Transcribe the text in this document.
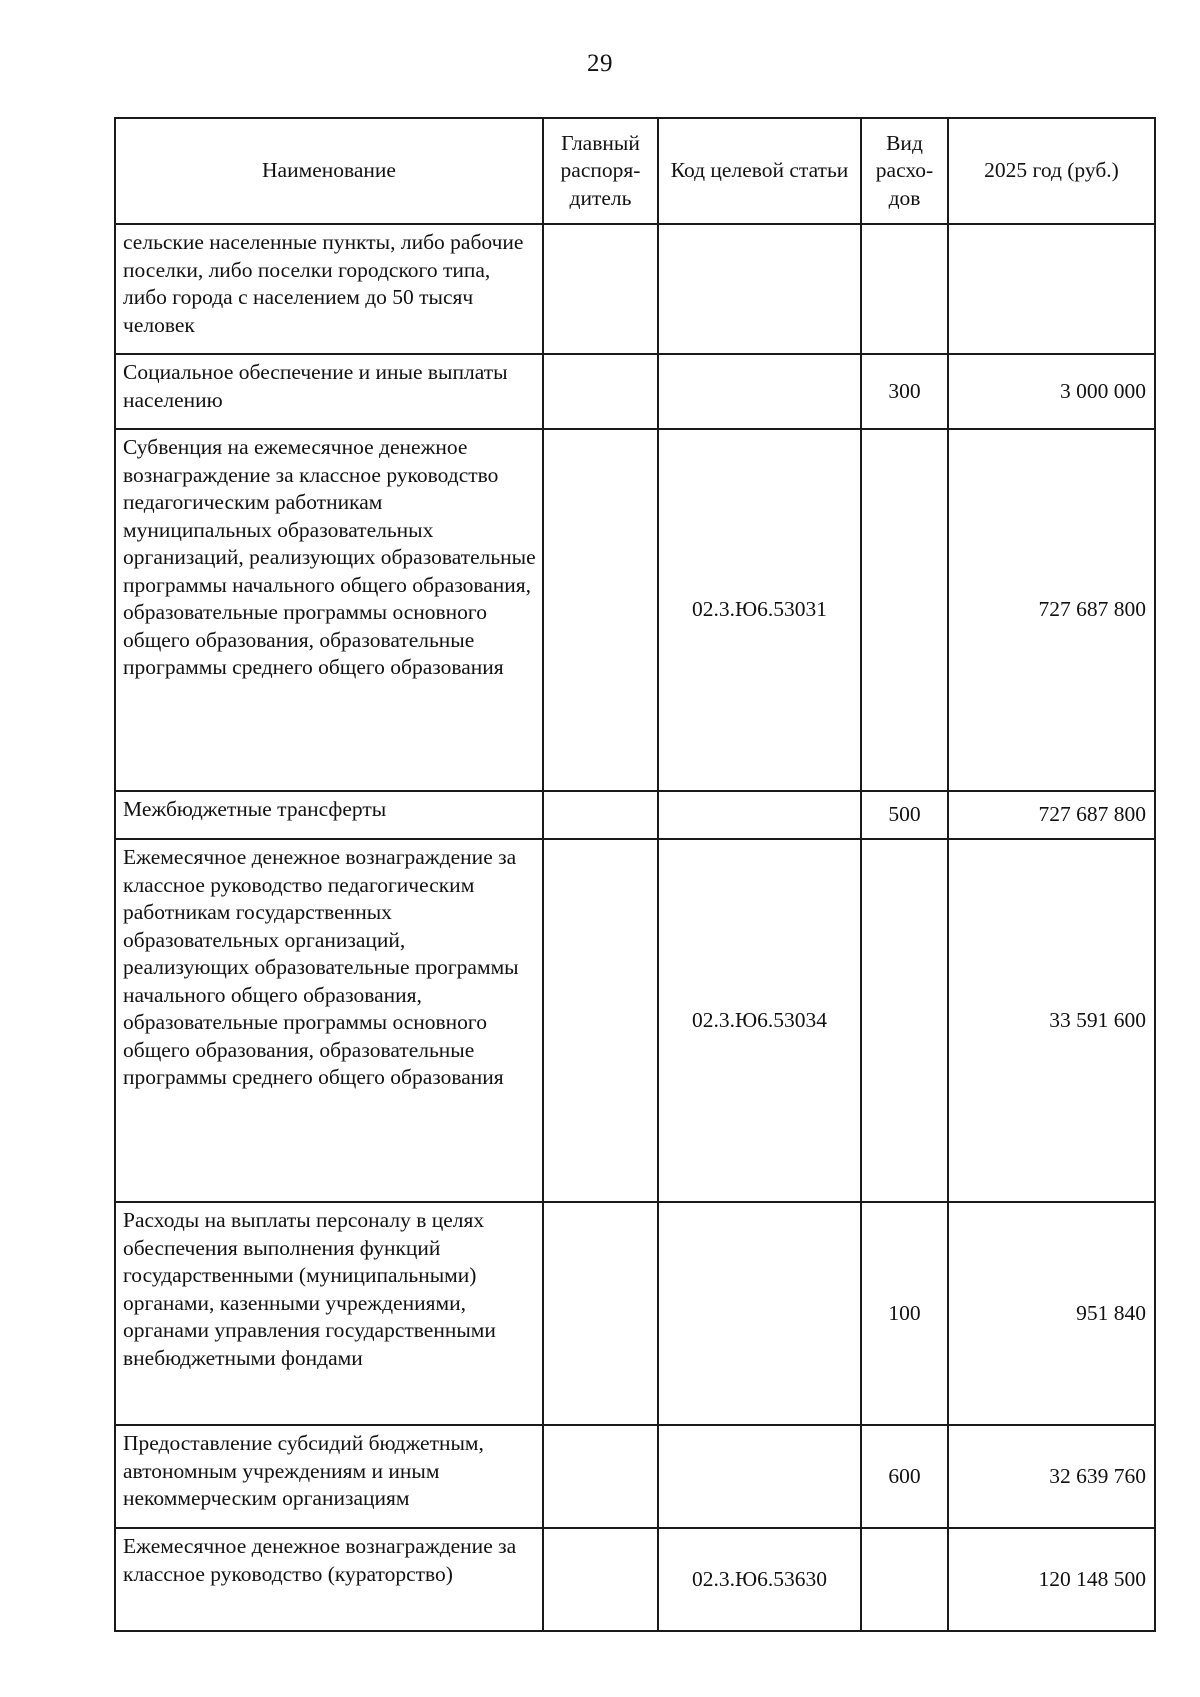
29
Наименование	Главный распоря-дитель	Код целевой статьи	Вид расхо-дов	2025 год (руб.)
сельские населенные пункты, либо рабочие поселки, либо поселки городского типа, либо города с населением до 50 тысяч человек				
Социальное обеспечение и иные выплаты населению			300	3 000 000
Субвенция на ежемесячное денежное вознаграждение за классное руководство педагогическим работникам муниципальных образовательных организаций, реализующих образовательные программы начального общего образования, образовательные программы основного общего образования, образовательные программы среднего общего образования		02.3.Ю6.53031		727 687 800
Межбюджетные трансферты			500	727 687 800
Ежемесячное денежное вознаграждение за классное руководство педагогическим работникам государственных образовательных организаций, реализующих образовательные программы начального общего образования, образовательные программы основного общего образования, образовательные программы среднего общего образования		02.3.Ю6.53034		33 591 600
Расходы на выплаты персоналу в целях обеспечения выполнения функций государственными (муниципальными) органами, казенными учреждениями, органами управления государственными внебюджетными фондами			100	951 840
Предоставление субсидий бюджетным, автономным учреждениям и иным некоммерческим организациям			600	32 639 760
Ежемесячное денежное вознаграждение за классное руководство (кураторство)		02.3.Ю6.53630		120 148 500
